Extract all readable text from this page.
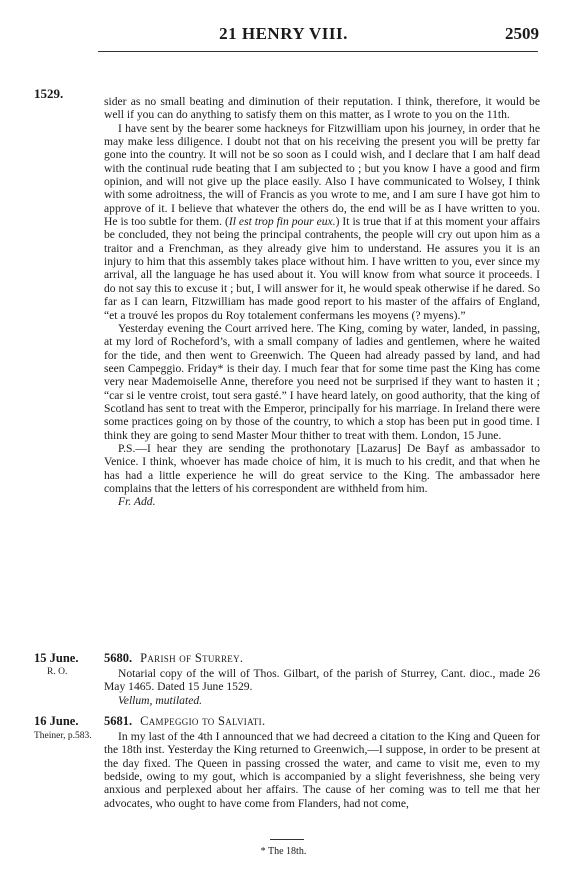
21 HENRY VIII.	2509
1529.

sider as no small beating and diminution of their reputation. I think, therefore, it would be well if you can do anything to satisfy them on this matter, as I wrote to you on the 11th.

I have sent by the bearer some hackneys for Fitzwilliam upon his journey, in order that he may make less diligence. I doubt not that on his receiving the present you will be pretty far gone into the country. It will not be so soon as I could wish, and I declare that I am half dead with the continual rude beating that I am subjected to ; but you know I have a good and firm opinion, and will not give up the place easily. Also I have communicated to Wolsey, I think with some adroitness, the will of Francis as you wrote to me, and I am sure I have got him to approve of it. I believe that whatever the others do, the end will be as I have written to you. He is too subtle for them. (Il est trop fin pour eux.) It is true that if at this moment your affairs be concluded, they not being the principal contrahents, the people will cry out upon him as a traitor and a Frenchman, as they already give him to understand. He assures you it is an injury to him that this assembly takes place without him. I have written to you, ever since my arrival, all the language he has used about it. You will know from what source it proceeds. I do not say this to excuse it ; but, I will answer for it, he would speak otherwise if he dared. So far as I can learn, Fitzwilliam has made good report to his master of the affairs of England, “et a trouvé les propos du Roy totalement confermans les moyens (? myens).”

Yesterday evening the Court arrived here. The King, coming by water, landed, in passing, at my lord of Rocheford’s, with a small company of ladies and gentlemen, where he waited for the tide, and then went to Greenwich. The Queen had already passed by land, and had seen Campeggio. Friday* is their day. I much fear that for some time past the King has come very near Mademoiselle Anne, therefore you need not be surprised if they want to hasten it ; “car si le ventre croist, tout sera gasté.” I have heard lately, on good authority, that the king of Scotland has sent to treat with the Emperor, principally for his marriage. In Ireland there were some practices going on by those of the country, to which a stop has been put in good time. I think they are going to send Master Mour thither to treat with them. London, 15 June.

P.S.—I hear they are sending the prothonotary [Lazarus] De Bayf as ambassador to Venice. I think, whoever has made choice of him, it is much to his credit, and that when he has had a little experience he will do great service to the King. The ambassador here complains that the letters of his correspondent are withheld from him.

Fr. Add.

15 June.
R. O.
5680. Parish of Sturrey.

Notarial copy of the will of Thos. Gilbart, of the parish of Sturrey, Cant. dioc., made 26 May 1465. Dated 15 June 1529.

Vellum, mutilated.

16 June.
Theiner, p.583.
5681. Campeggio to Salviati.

In my last of the 4th I announced that we had decreed a citation to the King and Queen for the 18th inst. Yesterday the King returned to Greenwich,—I suppose, in order to be present at the day fixed. The Queen in passing crossed the water, and came to visit me, even to my bedside, owing to my gout, which is accompanied by a slight feverishness, she being very anxious and perplexed about her affairs. The cause of her coming was to tell me that her advocates, who ought to have come from Flanders, had not come,

* The 18th.
